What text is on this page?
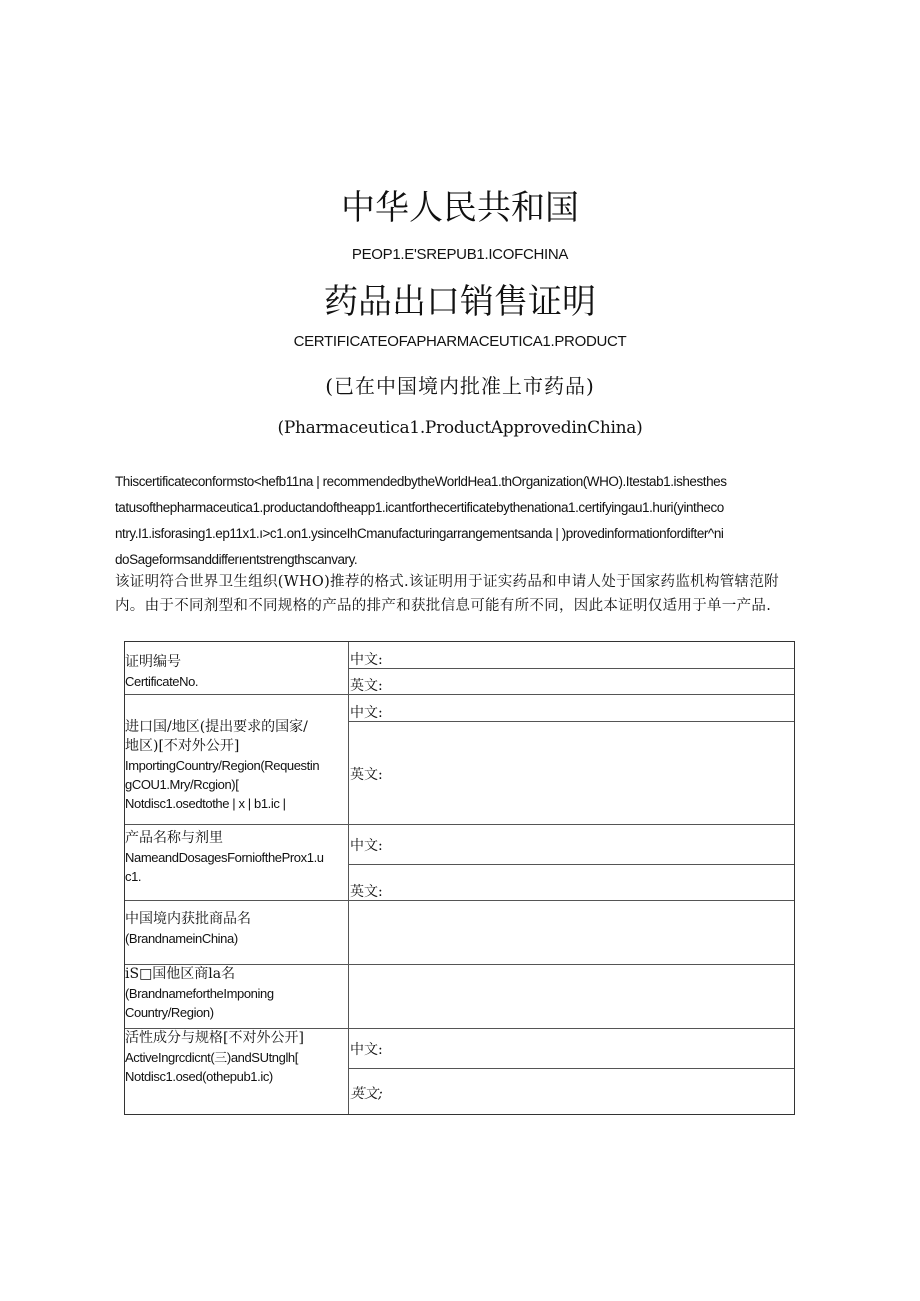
中华人民共和国
PEOP1.E'SREPUB1.ICOFCHINA
药品出口销售证明
CERTIFICATEOFAPHARMACEUTICA1.PRODUCT
(已在中国境内批准上市药品)
(Pharmaceutica1.ProductApprovedinChina)
Thiscertificateconformsto<hefb11na | recommendedbytheWorldHea1.thOrganization(WHO).Itestab1.ishesthes
tatusofthepharmaceutica1.productandoftheapp1.icantforthecertificatebythenationa1.certifyingau1.huri(yintheco
ntry.I1.isforasing1.ep11x1.ı>c1.on1.ysinceIhCmanufacturingarrangementsanda | )provedinformationfordifter^ni
doSageformsanddifferıentstrengthscanvary.
该证明符合世界卫生组织(WHO)推荐的格式.该证明用于证实药品和申请人处于国家药监机构管辖范附
内。由于不同剂型和不同规格的产品的排产和获批信息可能有所不同，因此本证明仅适用于单一产品.
证明编号
CertificateNo.
中文:
英文:
进口国/地区(提出要求的国家/
地区)[不对外公开]
ImportingCountry/Region(Requestin
gCOU1.Mry/Rcgion)[
Notdisc1.osedtothe | x | b1.ic |
中文:
英文:
产品名称与剂里
NameandDosagesFornioftheProx1.u
c1.
中文:
英文:
中国境内获批商品名
(BrandnameinChina)
iS□国他区商la名
(BrandnamefortheImponing
Country/Region)
活性成分与规格[不对外公开]
ActiveIngrcdicnt(三)andSUtnglh[
Notdisc1.osed(othepub1.ic)
中文:
英文;
